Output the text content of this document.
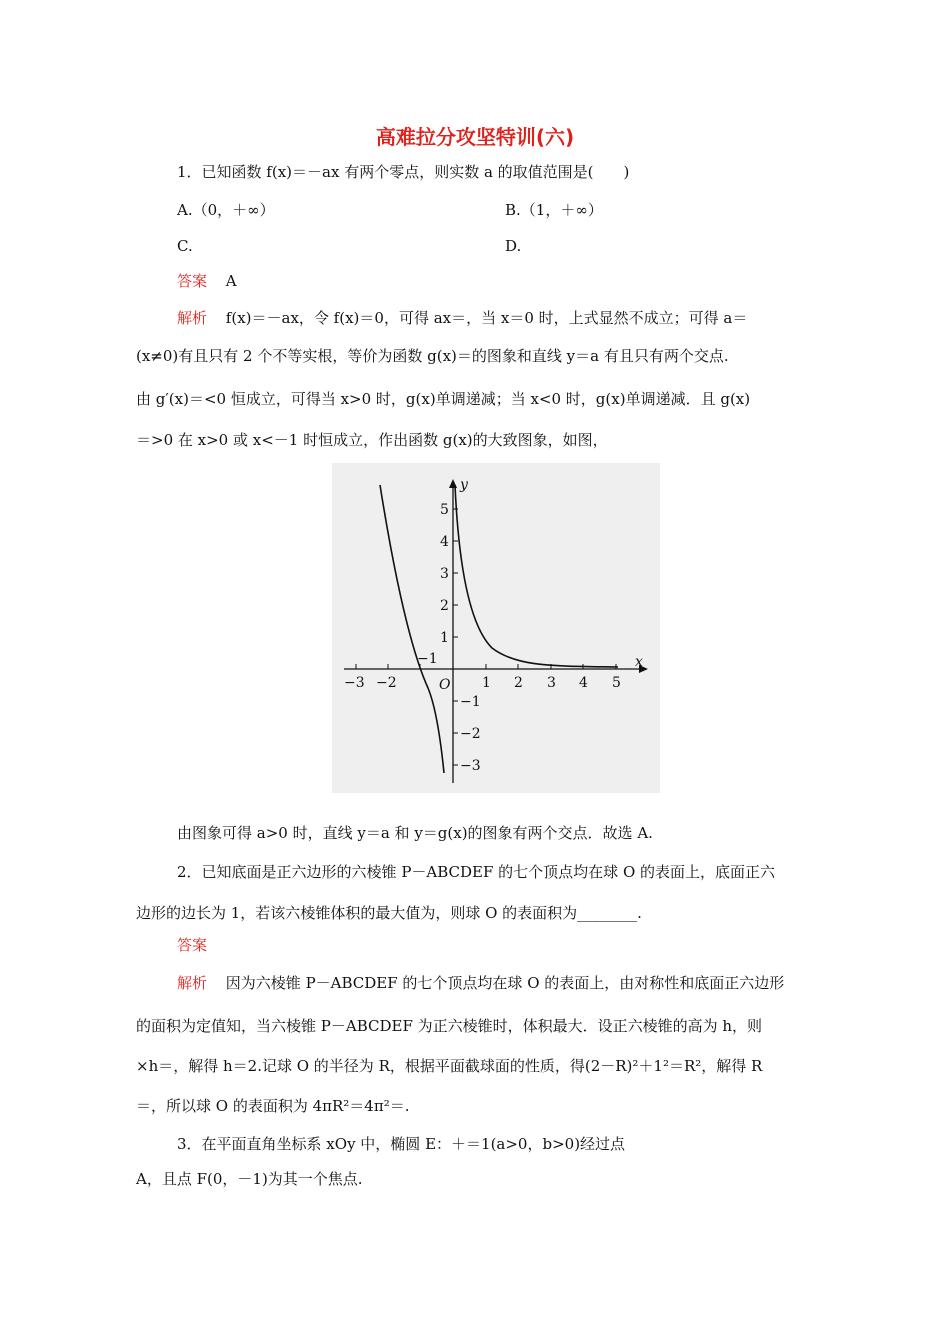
高难拉分攻坚特训(六)
1．已知函数 f(x)＝－ax 有两个零点，则实数 a 的取值范围是(　　)
A.（0，＋∞）	B.（1，＋∞）
C.	D.
答案 A
解析 f(x)＝－ax，令 f(x)＝0，可得 ax＝，当 x＝0 时，上式显然不成立；可得 a＝
(x≠0)有且只有 2 个不等实根，等价为函数 g(x)＝的图象和直线 y＝a 有且只有两个交点.
由 g′(x)＝<0 恒成立，可得当 x>0 时，g(x)单调递减；当 x<0 时，g(x)单调递减．且 g(x)
＝>0 在 x>0 或 x<－1 时恒成立，作出函数 g(x)的大致图象，如图，
y
x
O
−1
−3 −2	1 2 3 4 5
5
4
3
2
1
−1
−2
−3
由图象可得 a>0 时，直线 y＝a 和 y＝g(x)的图象有两个交点．故选 A.
2．已知底面是正六边形的六棱锥 P－ABCDEF 的七个顶点均在球 O 的表面上，底面正六
边形的边长为 1，若该六棱锥体积的最大值为，则球 O 的表面积为________.
答案
解析 因为六棱锥 P－ABCDEF 的七个顶点均在球 O 的表面上，由对称性和底面正六边形
的面积为定值知，当六棱锥 P－ABCDEF 为正六棱锥时，体积最大．设正六棱锥的高为 h，则
×h＝，解得 h＝2.记球 O 的半径为 R，根据平面截球面的性质，得(2－R)²＋1²＝R²，解得 R
＝，所以球 O 的表面积为 4πR²＝4π²＝.
3．在平面直角坐标系 xOy 中，椭圆 E：＋＝1(a>0，b>0)经过点
A，且点 F(0，－1)为其一个焦点.
